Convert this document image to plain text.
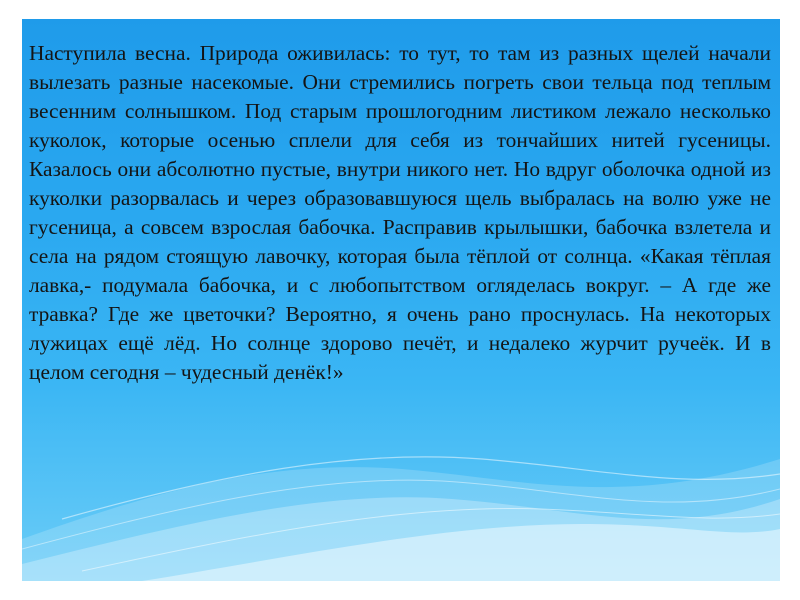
Наступила весна. Природа оживилась: то тут, то там из разных щелей начали вылезать разные насекомые. Они стремились погреть свои тельца под теплым весенним солнышком. Под старым прошлогодним листиком лежало несколько куколок, которые осенью сплели для себя из тончайших нитей гусеницы. Казалось они абсолютно пустые, внутри никого нет. Но вдруг оболочка одной из куколки разорвалась и через образовавшуюся щель выбралась на волю уже не гусеница, а совсем взрослая бабочка. Расправив крылышки, бабочка взлетела и села на рядом стоящую лавочку, которая была тёплой от солнца. «Какая тёплая лавка,- подумала бабочка, и с любопытством огляделась вокруг. – А где же травка? Где же цветочки? Вероятно, я очень рано проснулась. На некоторых лужицах ещё лёд. Но солнце здорово печёт, и недалеко журчит ручеёк. И в целом сегодня – чудесный денёк!»
